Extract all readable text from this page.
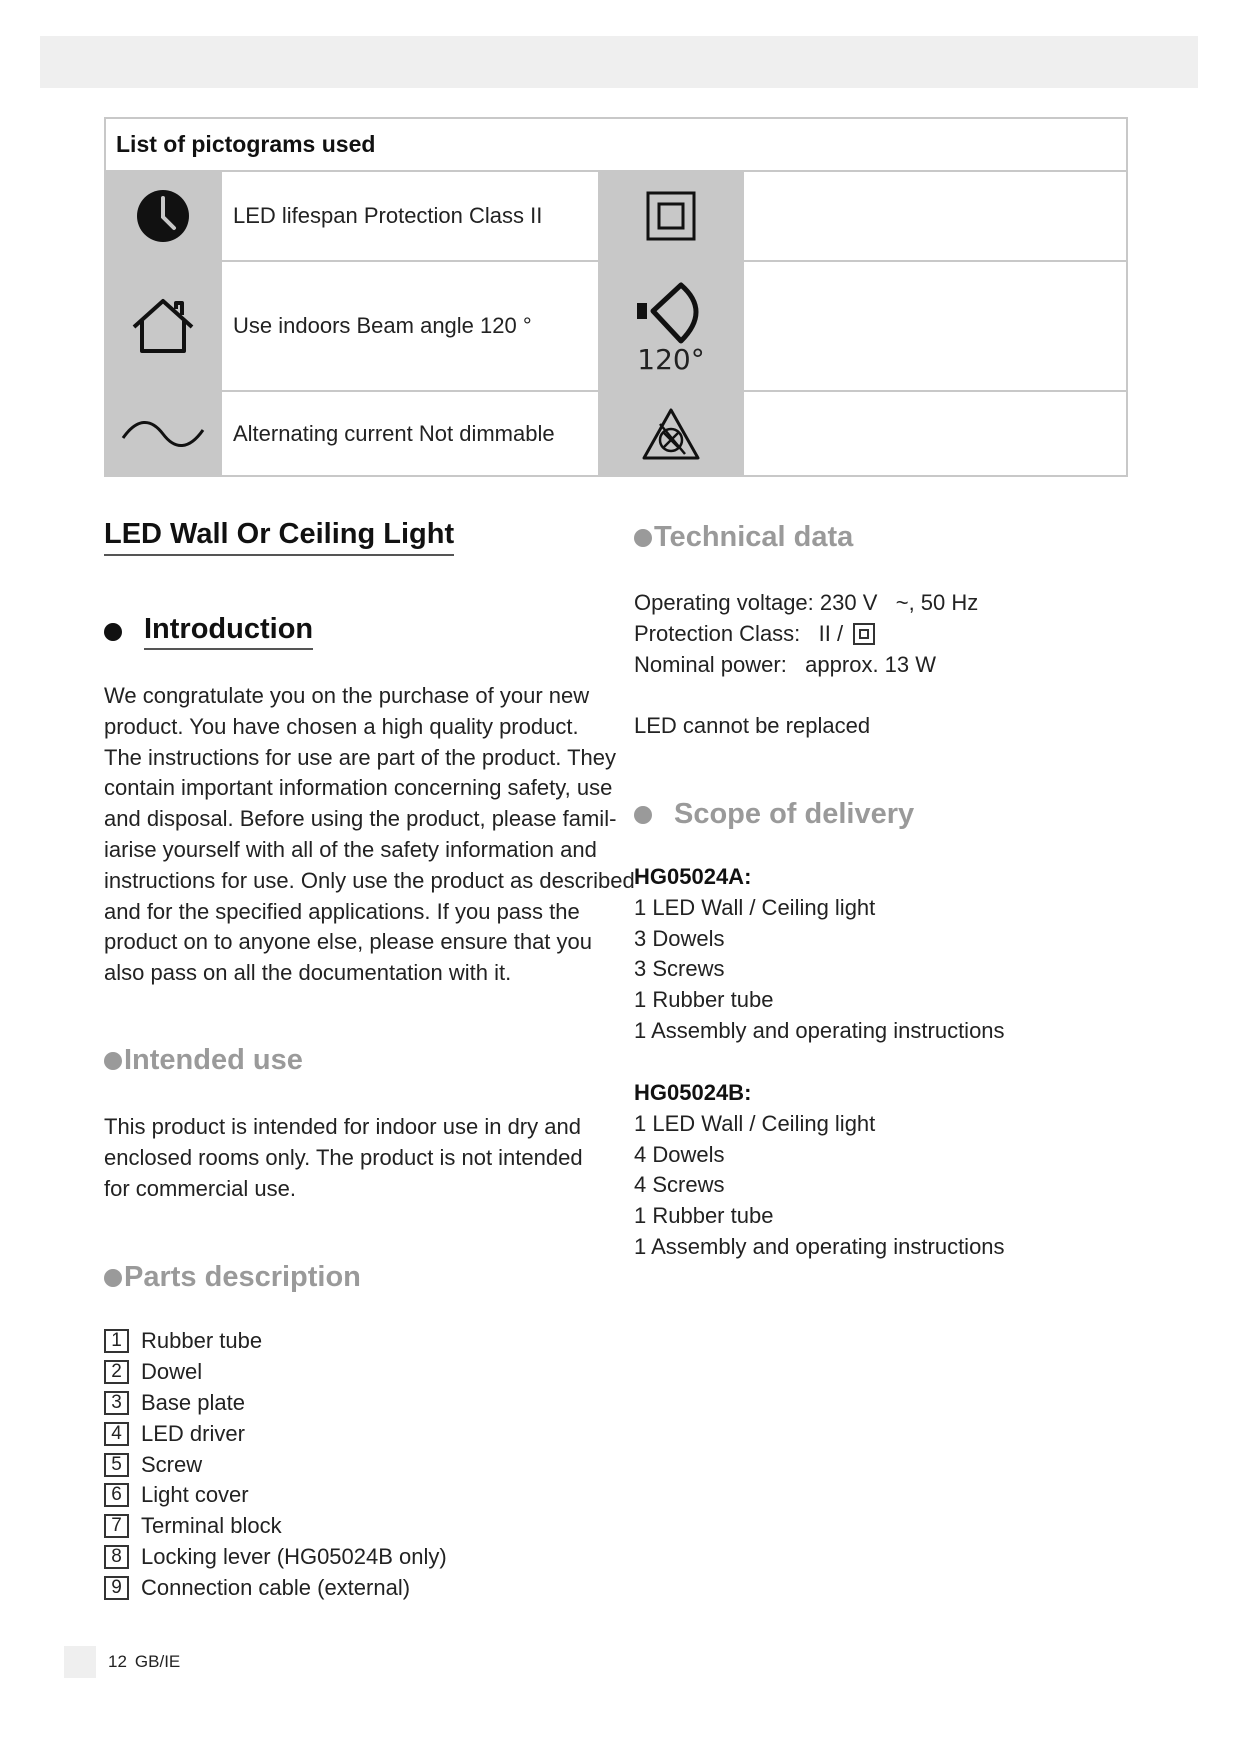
List of pictograms used
LED lifespan Protection Class II
Use indoors Beam angle 120 °
120°
Alternating current Not dimmable
LED Wall Or Ceiling Light
Introduction

We congratulate you on the purchase of your new

product. You have chosen a high quality product.

The instructions for use are part of the product. They

contain important information concerning safety, use

and disposal. Before using the product, please famil-

iarise yourself with all of the safety information and

instructions for use. Only use the product as described

and for the specified applications. If you pass the

product on to anyone else, please ensure that you

also pass on all the documentation with it.

Intended use

This product is intended for indoor use in dry and

enclosed rooms only. The product is not intended

for commercial use.

Parts description
1 Rubber tube
2 Dowel
3 Base plate
4 LED driver
5 Screw
6 Light cover
7 Terminal block
8 Locking lever (HG05024B only)
9 Connection cable (external)
Technical data
Operating voltage: 230 V   ~, 50 Hz
Protection Class:   II /
Nominal power:   approx. 13 W
LED cannot be replaced
Scope of delivery
HG05024A:
1 LED Wall / Ceiling light
3 Dowels
3 Screws
1 Rubber tube
1 Assembly and operating instructions
HG05024B:
1 LED Wall / Ceiling light
4 Dowels
4 Screws
1 Rubber tube
1 Assembly and operating instructions
12 GB/IE
